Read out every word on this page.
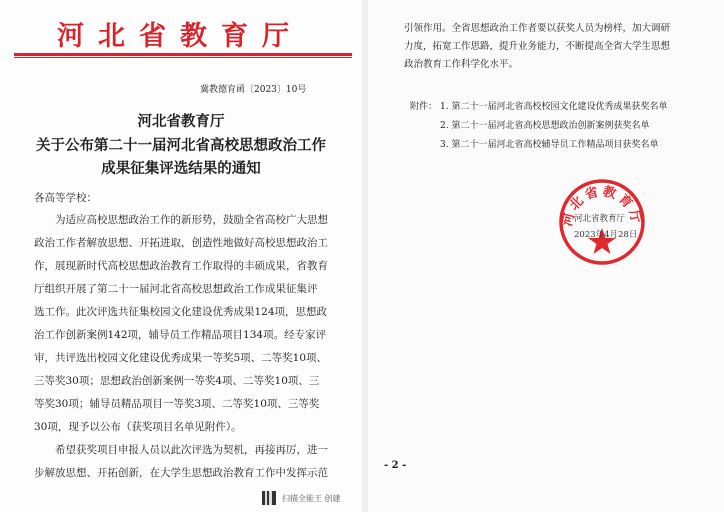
河北省教育厅
冀教德育函〔2023〕10号
河北省教育厅
关于公布第二十一届河北省高校思想政治工作
成果征集评选结果的通知
各高等学校：
为适应高校思想政治工作的新形势，鼓励全省高校广大思想
政治工作者解放思想、开拓进取，创造性地做好高校思想政治工
作，展现新时代高校思想政治教育工作取得的丰硕成果，省教育
厅组织开展了第二十一届河北省高校思想政治工作成果征集评
选工作。此次评选共征集校园文化建设优秀成果124项，思想政
治工作创新案例142项，辅导员工作精品项目134项。经专家评
审，共评选出校园文化建设优秀成果一等奖5项、二等奖10项、
三等奖30项；思想政治创新案例一等奖4项、二等奖10项、三
等奖30项；辅导员精品项目一等奖3项、二等奖10项、三等奖
30项，现予以公布（获奖项目名单见附件）。
希望获奖项目申报人员以此次评选为契机，再接再厉，进一
步解放思想、开拓创新，在大学生思想政治教育工作中发挥示范
扫描全能王 创建
引领作用。全省思想政治工作者要以获奖人员为榜样，加大调研
力度，拓宽工作思路，提升业务能力，不断提高全省大学生思想
政治教育工作科学化水平。
附件： 1. 第二十一届河北省高校校园文化建设优秀成果获奖名单
2. 第二十一届河北省高校思想政治创新案例获奖名单
3. 第二十一届河北省高校辅导员工作精品项目获奖名单
河北省教育厅
河北省教育厅
2023年4月28日
- 2 -
